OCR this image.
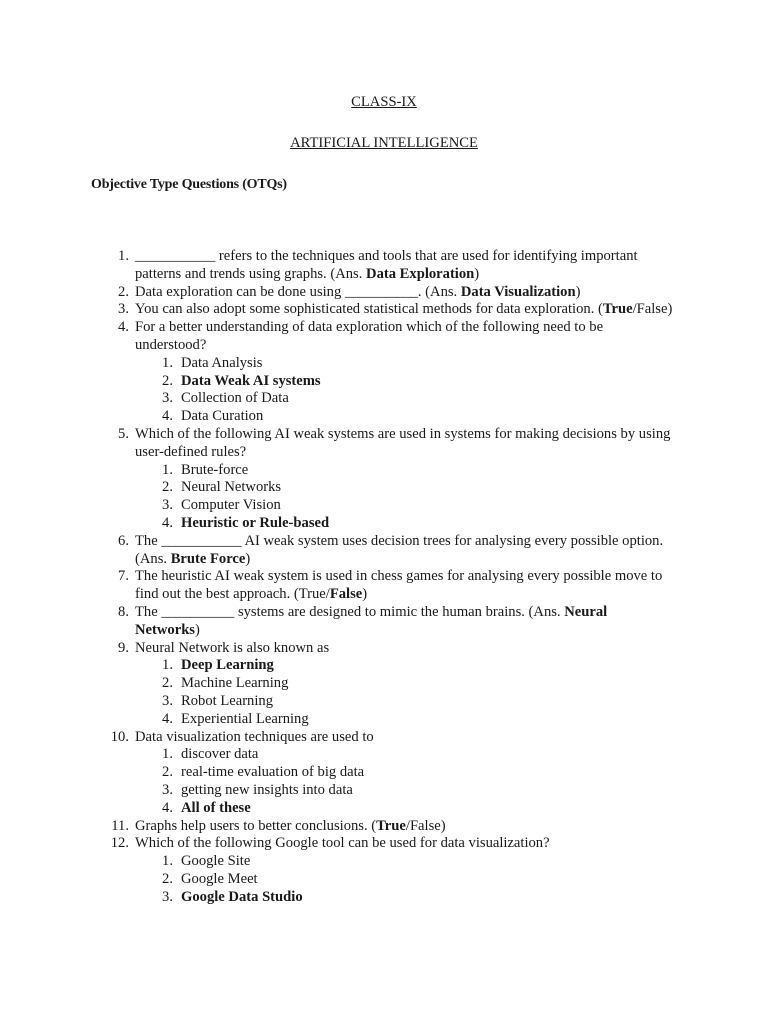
CLASS-IX
ARTIFICIAL INTELLIGENCE
Objective Type Questions (OTQs)
1. ___________ refers to the techniques and tools that are used for identifying important patterns and trends using graphs. (Ans. Data Exploration)
2. Data exploration can be done using __________. (Ans. Data Visualization)
3. You can also adopt some sophisticated statistical methods for data exploration. (True/False)
4. For a better understanding of data exploration which of the following need to be understood?
1. Data Analysis
2. Data Weak AI systems
3. Collection of Data
4. Data Curation
5. Which of the following AI weak systems are used in systems for making decisions by using user-defined rules?
1. Brute-force
2. Neural Networks
3. Computer Vision
4. Heuristic or Rule-based
6. The ___________ AI weak system uses decision trees for analysing every possible option. (Ans. Brute Force)
7. The heuristic AI weak system is used in chess games for analysing every possible move to find out the best approach. (True/False)
8. The __________ systems are designed to mimic the human brains. (Ans. Neural Networks)
9. Neural Network is also known as
1. Deep Learning
2. Machine Learning
3. Robot Learning
4. Experiential Learning
10. Data visualization techniques are used to
1. discover data
2. real-time evaluation of big data
3. getting new insights into data
4. All of these
11. Graphs help users to better conclusions. (True/False)
12. Which of the following Google tool can be used for data visualization?
1. Google Site
2. Google Meet
3. Google Data Studio
